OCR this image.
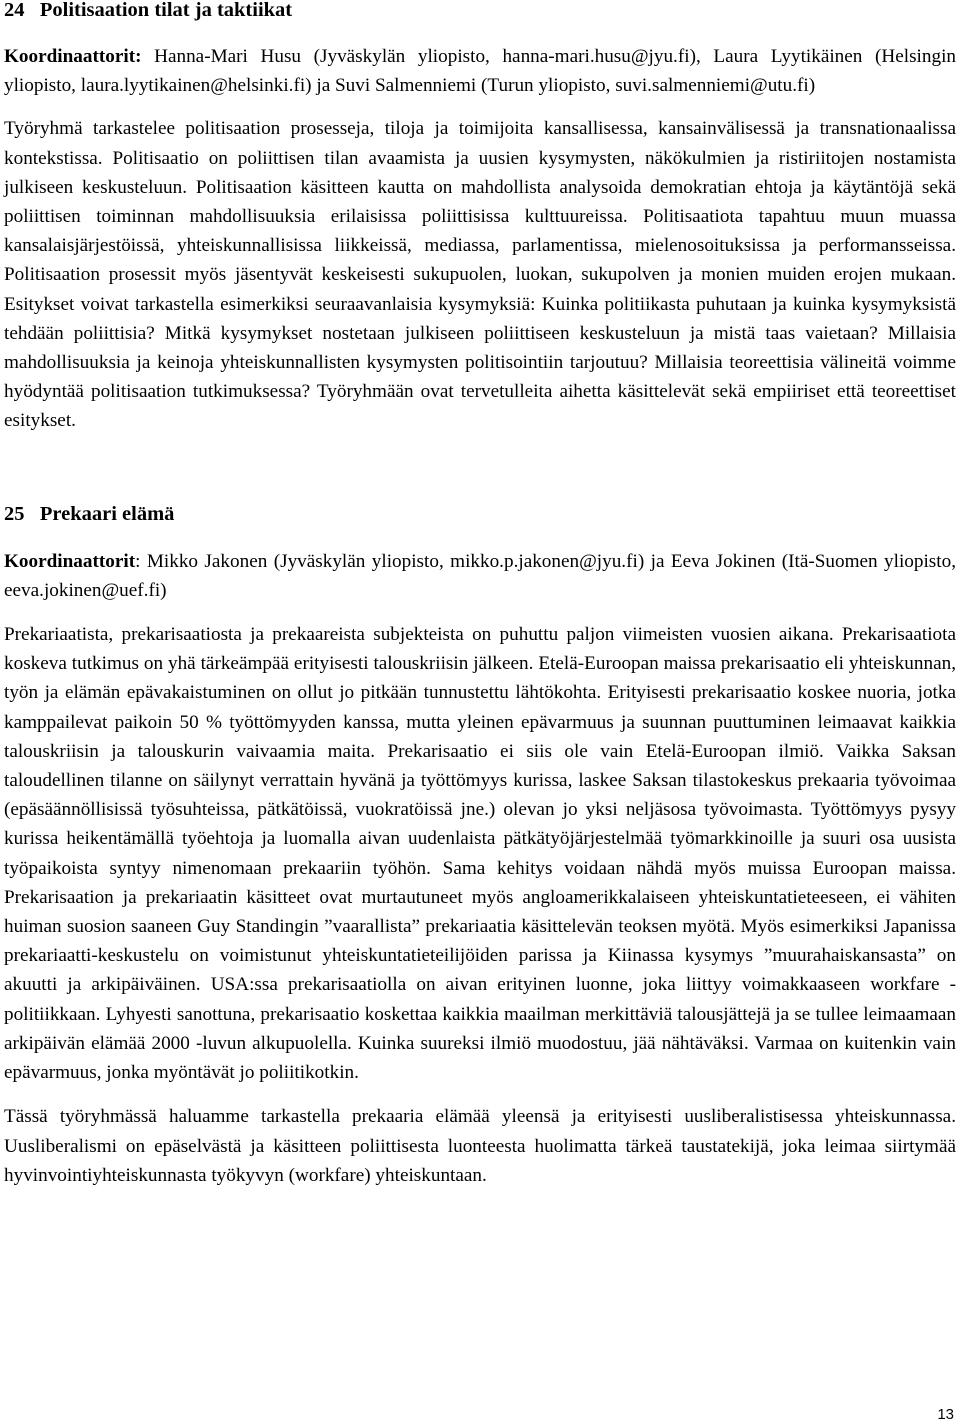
24   Politisaation tilat ja taktiikat

Koordinaattorit: Hanna-Mari Husu (Jyväskylän yliopisto, hanna-mari.husu@jyu.fi), Laura Lyytikäinen (Helsingin yliopisto, laura.lyytikainen@helsinki.fi) ja Suvi Salmenniemi (Turun yliopisto, suvi.salmenniemi@utu.fi)

Työryhmä tarkastelee politisaation prosesseja, tiloja ja toimijoita kansallisessa, kansainvälisessä ja transnationaalissa kontekstissa. Politisaatio on poliittisen tilan avaamista ja uusien kysymysten, näkökulmien ja ristiriitojen nostamista julkiseen keskusteluun. Politisaation käsitteen kautta on mahdollista analysoida demokratian ehtoja ja käytäntöjä sekä poliittisen toiminnan mahdollisuuksia erilaisissa poliittisissa kulttuureissa. Politisaatiota tapahtuu muun muassa kansalaisjärjestöissä, yhteiskunnallisissa liikkeissä, mediassa, parlamentissa, mielenosoituksissa ja performansseissa. Politisaation prosessit myös jäsentyvät keskeisesti sukupuolen, luokan, sukupolven ja monien muiden erojen mukaan. Esitykset voivat tarkastella esimerkiksi seuraavanlaisia kysymyksiä: Kuinka politiikasta puhutaan ja kuinka kysymyksistä tehdään poliittisia? Mitkä kysymykset nostetaan julkiseen poliittiseen keskusteluun ja mistä taas vaietaan? Millaisia mahdollisuuksia ja keinoja yhteiskunnallisten kysymysten politisointiin tarjoutuu? Millaisia teoreettisia välineitä voimme hyödyntää politisaation tutkimuksessa? Työryhmään ovat tervetulleita aihetta käsittelevät sekä empiiriset että teoreettiset esitykset.

25   Prekaari elämä

Koordinaattorit: Mikko Jakonen (Jyväskylän yliopisto, mikko.p.jakonen@jyu.fi) ja Eeva Jokinen (Itä-Suomen yliopisto, eeva.jokinen@uef.fi)

Prekariaatista, prekarisaatiosta ja prekaareista subjekteista on puhuttu paljon viimeisten vuosien aikana. Prekarisaatiota koskeva tutkimus on yhä tärkeämpää erityisesti talouskriisin jälkeen. Etelä-Euroopan maissa prekarisaatio eli yhteiskunnan, työn ja elämän epävakaistuminen on ollut jo pitkään tunnustettu lähtökohta. Erityisesti prekarisaatio koskee nuoria, jotka kamppailevat paikoin 50 % työttömyyden kanssa, mutta yleinen epävarmuus ja suunnan puuttuminen leimaavat kaikkia talouskriisin ja talouskurin vaivaamia maita. Prekarisaatio ei siis ole vain Etelä-Euroopan ilmiö. Vaikka Saksan taloudellinen tilanne on säilynyt verrattain hyvänä ja työttömyys kurissa, laskee Saksan tilastokeskus prekaaria työvoimaa (epäsäännöllisissä työsuhteissa, pätkätöissä, vuokratöissä jne.) olevan jo yksi neljäsosa työvoimasta. Työttömyys pysyy kurissa heikentämällä työehtoja ja luomalla aivan uudenlaista pätkätyöjärjestelmää työmarkkinoille ja suuri osa uusista työpaikoista syntyy nimenomaan prekaariin työhön. Sama kehitys voidaan nähdä myös muissa Euroopan maissa. Prekarisaation ja prekariaatin käsitteet ovat murtautuneet myös angloamerikkalaiseen yhteiskuntatieteeseen, ei vähiten huiman suosion saaneen Guy Standingin ”vaarallista” prekariaatia käsittelevän teoksen myötä. Myös esimerkiksi Japanissa prekariaatti-keskustelu on voimistunut yhteiskuntatieteilijöiden parissa ja Kiinassa kysymys ”muurahaiskansasta” on akuutti ja arkipäiväinen. USA:ssa prekarisaatiolla on aivan erityinen luonne, joka liittyy voimakkaaseen workfare -politiikkaan. Lyhyesti sanottuna, prekarisaatio koskettaa kaikkia maailman merkittäviä talousjättejä ja se tullee leimaamaan arkipäivän elämää 2000 -luvun alkupuolella. Kuinka suureksi ilmiö muodostuu, jää nähtäväksi. Varmaa on kuitenkin vain epävarmuus, jonka myöntävät jo poliitikotkin.

Tässä työryhmässä haluamme tarkastella prekaaria elämää yleensä ja erityisesti uusliberalistisessa yhteiskunnassa. Uusliberalismi on epäselvästä ja käsitteen poliittisesta luonteesta huolimatta tärkeä taustatekijä, joka leimaa siirtymää hyvinvointiyhteiskunnasta työkyvyn (workfare) yhteiskuntaan.

13
